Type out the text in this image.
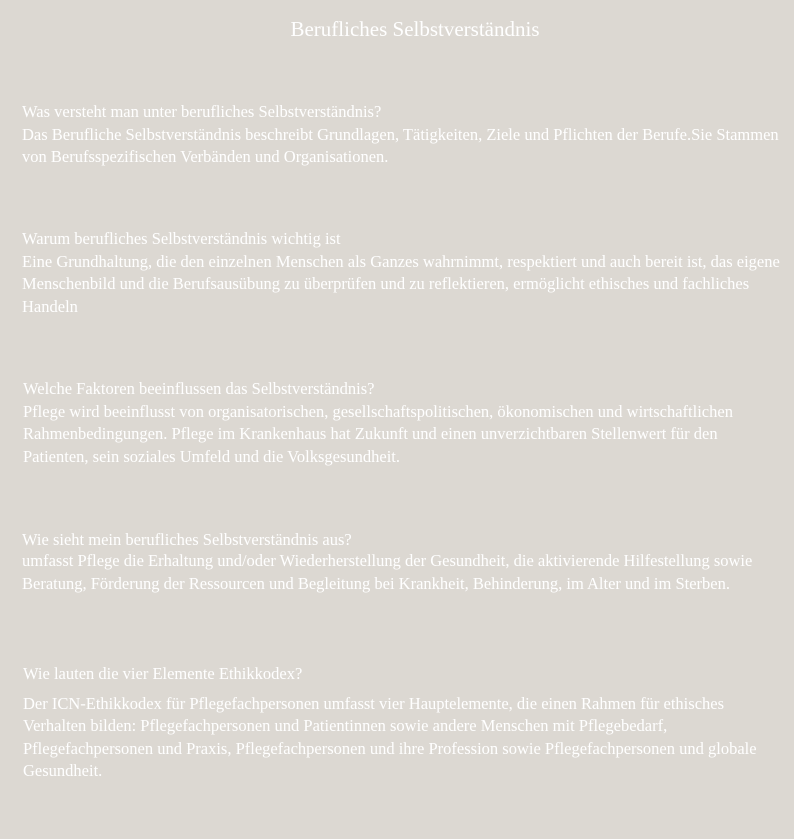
Berufliches Selbstverständnis
Was versteht man unter berufliches Selbstverständnis?
Das Berufliche Selbstverständnis beschreibt Grundlagen, Tätigkeiten, Ziele und Pflichten der Berufe.Sie Stammen von Berufsspezifischen Verbänden und Organisationen.
Warum berufliches Selbstverständnis wichtig ist
Eine Grundhaltung, die den einzelnen Menschen als Ganzes wahrnimmt, respektiert und auch bereit ist, das eigene Menschenbild und die Berufsausübung zu überprüfen und zu reflektieren, ermöglicht ethisches und fachliches Handeln
Welche Faktoren beeinflussen das Selbstverständnis?
Pflege wird beeinflusst von organisatorischen, gesellschaftspolitischen, ökonomischen und wirtschaftlichen Rahmenbedingungen. Pflege im Krankenhaus hat Zukunft und einen unverzichtbaren Stellenwert für den Patienten, sein soziales Umfeld und die Volksgesundheit.
Wie sieht mein berufliches Selbstverständnis aus?
umfasst Pflege die Erhaltung und/oder Wiederherstellung der Gesundheit, die aktivierende Hilfestellung sowie Beratung, Förderung der Ressourcen und Begleitung bei Krankheit, Behinderung, im Alter und im Sterben.
Wie lauten die vier Elemente Ethikkodex?
Der ICN-Ethikkodex für Pflegefachpersonen umfasst vier Hauptelemente, die einen Rahmen für ethisches Verhalten bilden: Pflegefachpersonen und Patientinnen sowie andere Menschen mit Pflegebedarf, Pflegefachpersonen und Praxis, Pflegefachpersonen und ihre Profession sowie Pflegefachpersonen und globale Gesundheit.
